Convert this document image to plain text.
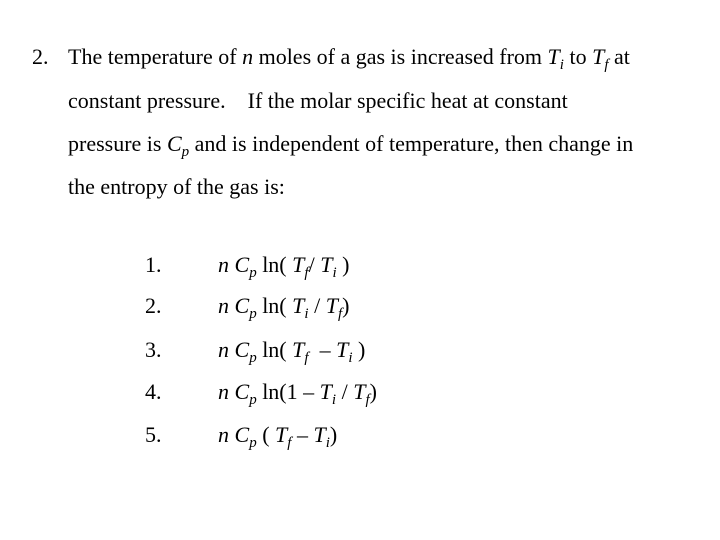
2. The temperature of n moles of a gas is increased from $T_i$ to $T_f$ at
constant pressure. If the molar specific heat at constant
pressure is $C_p$ and is independent of temperature, then change in
the entropy of the gas is:
1.	n $C_p$ ln( $T_f/$ $T_i$ )
2.	n $C_p$ ln( $T_i / T_f$)
3.	n $C_p$ ln( $T_f - T_i$ )
4.	n $C_p$ $\ln(1 - T_i / T_f)$
5.	n $C_p$ ( $T_f - T_i$)
